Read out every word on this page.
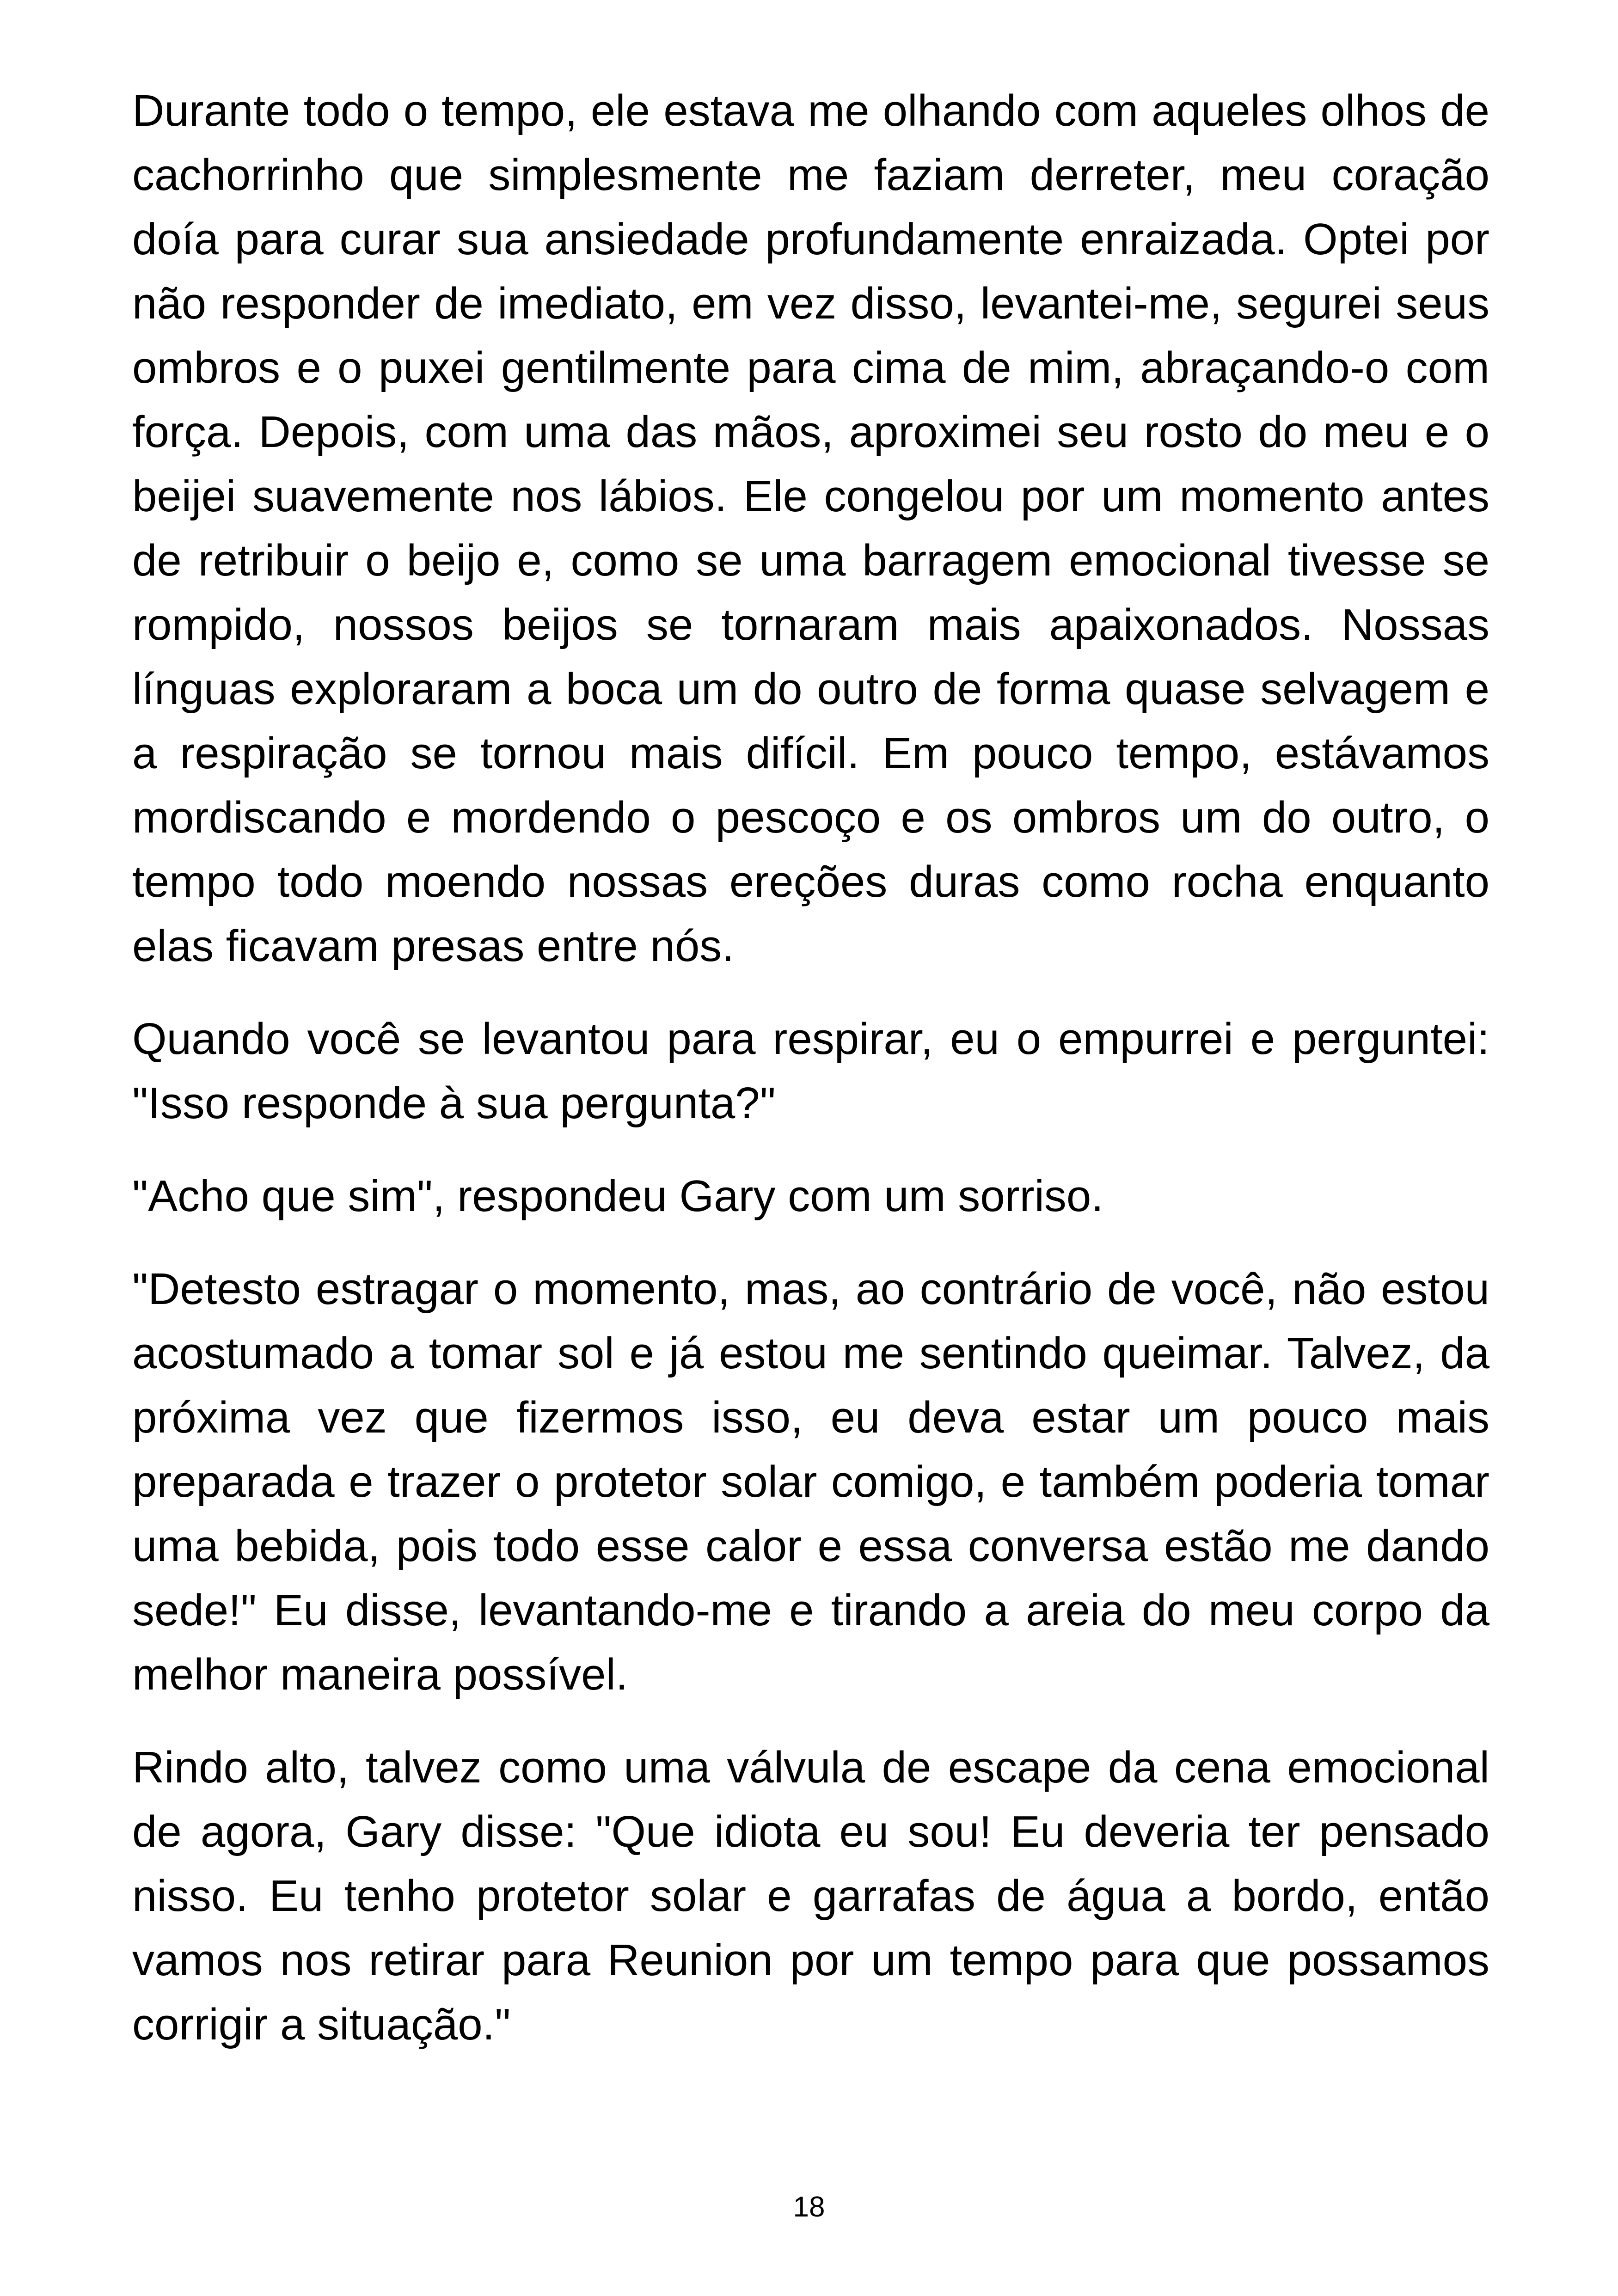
Durante todo o tempo, ele estava me olhando com aqueles olhos de cachorrinho que simplesmente me faziam derreter, meu coração doía para curar sua ansiedade profundamente enraizada. Optei por não responder de imediato, em vez disso, levantei-me, segurei seus ombros e o puxei gentilmente para cima de mim, abraçando-o com força. Depois, com uma das mãos, aproximei seu rosto do meu e o beijei suavemente nos lábios. Ele congelou por um momento antes de retribuir o beijo e, como se uma barragem emocional tivesse se rompido, nossos beijos se tornaram mais apaixonados. Nossas línguas exploraram a boca um do outro de forma quase selvagem e a respiração se tornou mais difícil. Em pouco tempo, estávamos mordiscando e mordendo o pescoço e os ombros um do outro, o tempo todo moendo nossas ereções duras como rocha enquanto elas ficavam presas entre nós.

Quando você se levantou para respirar, eu o empurrei e perguntei: "Isso responde à sua pergunta?"

"Acho que sim", respondeu Gary com um sorriso.

"Detesto estragar o momento, mas, ao contrário de você, não estou acostumado a tomar sol e já estou me sentindo queimar. Talvez, da próxima vez que fizermos isso, eu deva estar um pouco mais preparada e trazer o protetor solar comigo, e também poderia tomar uma bebida, pois todo esse calor e essa conversa estão me dando sede!" Eu disse, levantando-me e tirando a areia do meu corpo da melhor maneira possível.

Rindo alto, talvez como uma válvula de escape da cena emocional de agora, Gary disse: "Que idiota eu sou! Eu deveria ter pensado nisso. Eu tenho protetor solar e garrafas de água a bordo, então vamos nos retirar para Reunion por um tempo para que possamos corrigir a situação."

18
